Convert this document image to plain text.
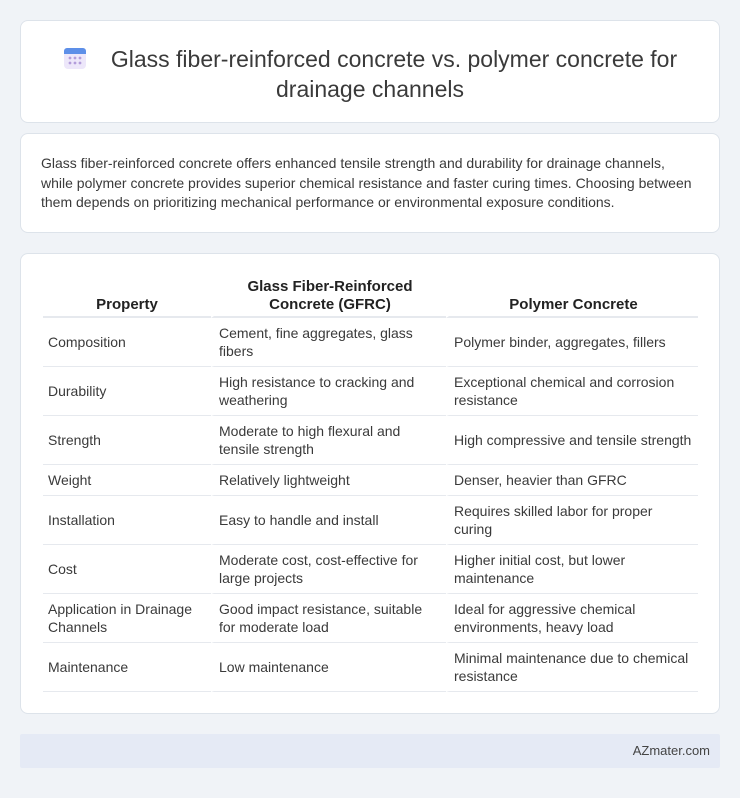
Glass fiber-reinforced concrete vs. polymer concrete for drainage channels

Glass fiber-reinforced concrete offers enhanced tensile strength and durability for drainage channels, while polymer concrete provides superior chemical resistance and faster curing times. Choosing between them depends on prioritizing mechanical performance or environmental exposure conditions.

Property	Glass Fiber-Reinforced Concrete (GFRC)	Polymer Concrete
Composition	Cement, fine aggregates, glass fibers	Polymer binder, aggregates, fillers
Durability	High resistance to cracking and weathering	Exceptional chemical and corrosion resistance
Strength	Moderate to high flexural and tensile strength	High compressive and tensile strength
Weight	Relatively lightweight	Denser, heavier than GFRC
Installation	Easy to handle and install	Requires skilled labor for proper curing
Cost	Moderate cost, cost-effective for large projects	Higher initial cost, but lower maintenance
Application in Drainage Channels	Good impact resistance, suitable for moderate load	Ideal for aggressive chemical environments, heavy load
Maintenance	Low maintenance	Minimal maintenance due to chemical resistance
AZmater.com
